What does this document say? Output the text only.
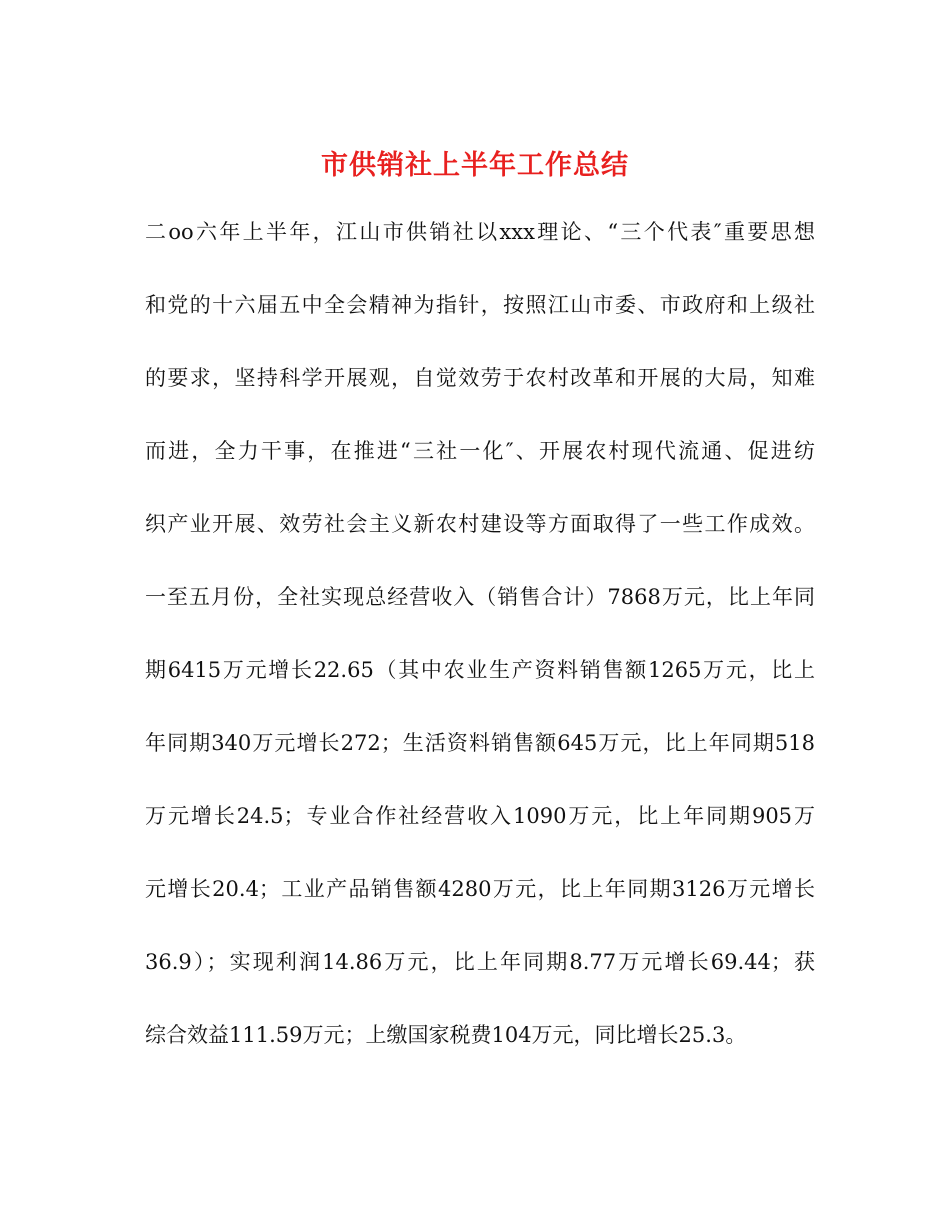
市供销社上半年工作总结
二oo六年上半年，江山市供销社以xxx理论、“三个代表″重要思想
和党的十六届五中全会精神为指针，按照江山市委、市政府和上级社
的要求，坚持科学开展观，自觉效劳于农村改革和开展的大局，知难
而进，全力干事，在推进“三社一化″、开展农村现代流通、促进纺
织产业开展、效劳社会主义新农村建设等方面取得了一些工作成效。
一至五月份，全社实现总经营收入（销售合计）7868万元，比上年同
期6415万元增长22.65（其中农业生产资料销售额1265万元，比上
年同期340万元增长272；生活资料销售额645万元，比上年同期518
万元增长24.5；专业合作社经营收入1090万元，比上年同期905万
元增长20.4；工业产品销售额4280万元，比上年同期3126万元增长
36.9）；实现利润14.86万元，比上年同期8.77万元增长69.44；获
综合效益111.59万元；上缴国家税费104万元，同比增长25.3。
